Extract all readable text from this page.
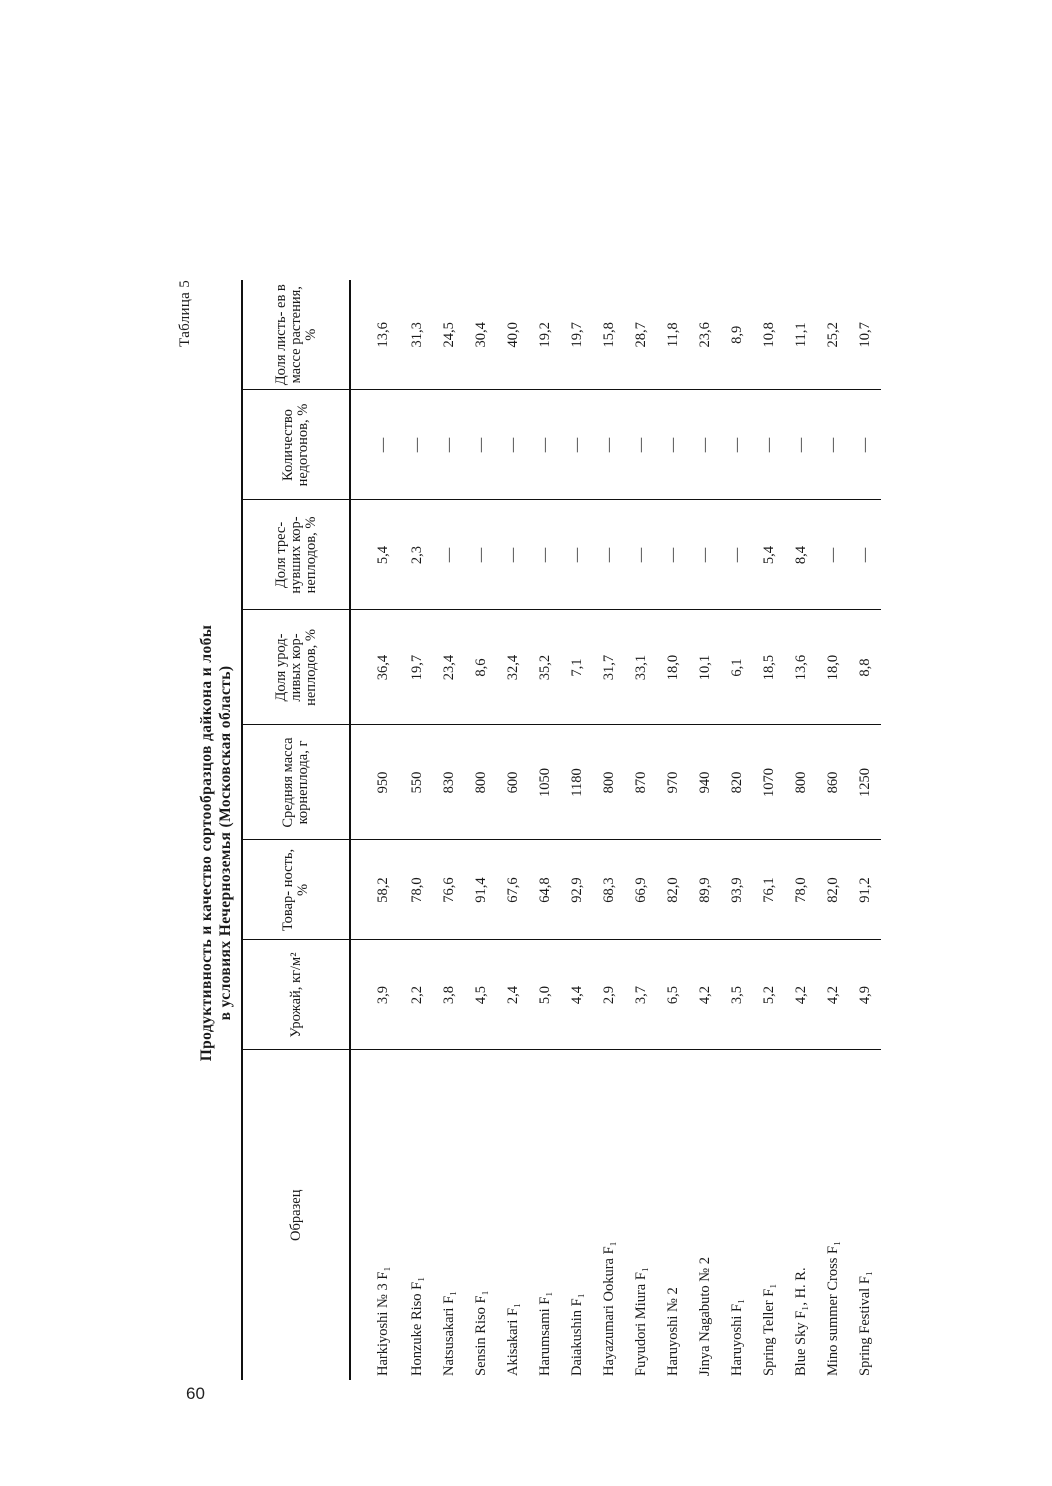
60
Таблица 5
Продуктивность и качество сортообразцов дайкона и лобы в условиях Нечерноземья (Московская область)
Образец	Урожай, кг/м²	Товар- ность, %	Средняя масса корнеплода, г	Доля урод- ливых кор- неплодов, %	Доля трес- нувших кор- неплодов, %	Количество недогонов, %	Доля листь- ев в массе растения, %
Harkiyoshi № 3 F₁	3,9	58,2	950	36,4	5,4	—	13,6
Honzuke Riso F₁	2,2	78,0	550	19,7	2,3	—	31,3
Natsusakari F₁	3,8	76,6	830	23,4	—	—	24,5
Sensin Riso F₁	4,5	91,4	800	8,6	—	—	30,4
Akisakari F₁	2,4	67,6	600	32,4	—	—	40,0
Harumsami F₁	5,0	64,8	1050	35,2	—	—	19,2
Daiakushin F₁	4,4	92,9	1180	7,1	—	—	19,7
Hayazumari Ookura F₁	2,9	68,3	800	31,7	—	—	15,8
Fuyudori Miura F₁	3,7	66,9	870	33,1	—	—	28,7
Haruyoshi № 2	6,5	82,0	970	18,0	—	—	11,8
Jinya Nagabuto № 2	4,2	89,9	940	10,1	—	—	23,6
Haruyoshi F₁	3,5	93,9	820	6,1	—	—	8,9
Spring Teller F₁	5,2	76,1	1070	18,5	5,4	—	10,8
Blue Sky F₁, H. R.	4,2	78,0	800	13,6	8,4	—	11,1
Mino summer Cross F₁	4,2	82,0	860	18,0	—	—	25,2
Spring Festival F₁	4,9	91,2	1250	8,8	—	—	10,7
